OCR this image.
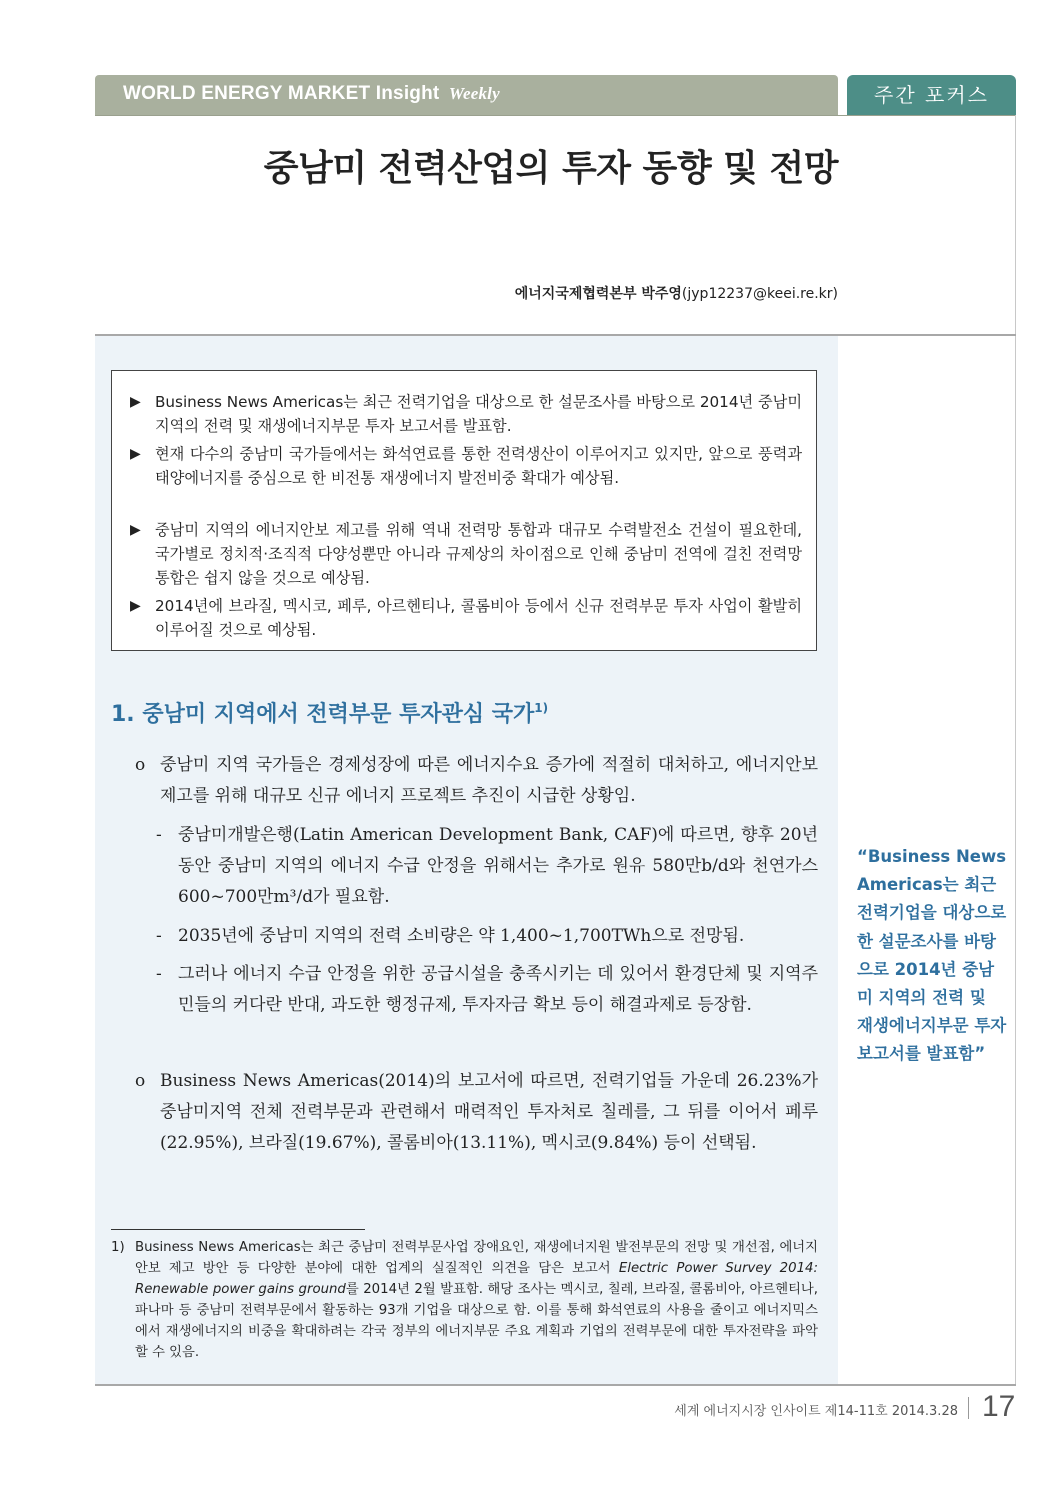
WORLD ENERGY MARKET Insight Weekly	주간 포커스
중남미 전력산업의 투자 동향 및 전망
에너지국제협력본부 박주영(jyp12237@keei.re.kr)
▶ Business News Americas는 최근 전력기업을 대상으로 한 설문조사를 바탕으로 2014년 중남미 지역의 전력 및 재생에너지부문 투자 보고서를 발표함.
▶ 현재 다수의 중남미 국가들에서는 화석연료를 통한 전력생산이 이루어지고 있지만, 앞으로 풍력과 태양에너지를 중심으로 한 비전통 재생에너지 발전비중 확대가 예상됨.
▶ 중남미 지역의 에너지안보 제고를 위해 역내 전력망 통합과 대규모 수력발전소 건설이 필요한데, 국가별로 정치적·조직적 다양성뿐만 아니라 규제상의 차이점으로 인해 중남미 전역에 걸친 전력망통합은 쉽지 않을 것으로 예상됨.
▶ 2014년에 브라질, 멕시코, 페루, 아르헨티나, 콜롬비아 등에서 신규 전력부문 투자 사업이 활발히 이루어질 것으로 예상됨.
1. 중남미 지역에서 전력부문 투자관심 국가$^{1)}$
o 중남미 지역 국가들은 경제성장에 따른 에너지수요 증가에 적절히 대처하고, 에너지안보 제고를 위해 대규모 신규 에너지 프로젝트 추진이 시급한 상황임.
- 중남미개발은행(Latin American Development Bank, CAF)에 따르면, 향후 20년 동안 중남미 지역의 에너지 수급 안정을 위해서는 추가로 원유 580만b/d와 천연가스 600~700만m³/d가 필요함.
- 2035년에 중남미 지역의 전력 소비량은 약 1,400~1,700TWh으로 전망됨.
- 그러나 에너지 수급 안정을 위한 공급시설을 충족시키는 데 있어서 환경단체 및 지역주민들의 커다란 반대, 과도한 행정규제, 투자자금 확보 등이 해결과제로 등장함.
o Business News Americas(2014)의 보고서에 따르면, 전력기업들 가운데 26.23%가 중남미지역 전체 전력부문과 관련해서 매력적인 투자처로 칠레를, 그 뒤를 이어서 페루(22.95%), 브라질(19.67%), 콜롬비아(13.11%), 멕시코(9.84%) 등이 선택됨.
1) Business News Americas는 최근 중남미 전력부문사업 장애요인, 재생에너지원 발전부문의 전망 및 개선점, 에너지안보 제고 방안 등 다양한 분야에 대한 업계의 실질적인 의견을 담은 보고서 Electric Power Survey 2014: Renewable power gains ground를 2014년 2월 발표함. 해당 조사는 멕시코, 칠레, 브라질, 콜롬비아, 아르헨티나, 파나마 등 중남미 전력부문에서 활동하는 93개 기업을 대상으로 함. 이를 통해 화석연료의 사용을 줄이고 에너지믹스에서 재생에너지의 비중을 확대하려는 각국 정부의 에너지부문 주요 계획과 기업의 전력부문에 대한 투자전략을 파악할 수 있음.
“Business News Americas는 최근 전력기업을 대상으로 한 설문조사를 바탕으로 2014년 중남미 지역의 전력 및 재생에너지부문 투자 보고서를 발표함”
세계 에너지시장 인사이트 제14-11호 2014.3.28 17
